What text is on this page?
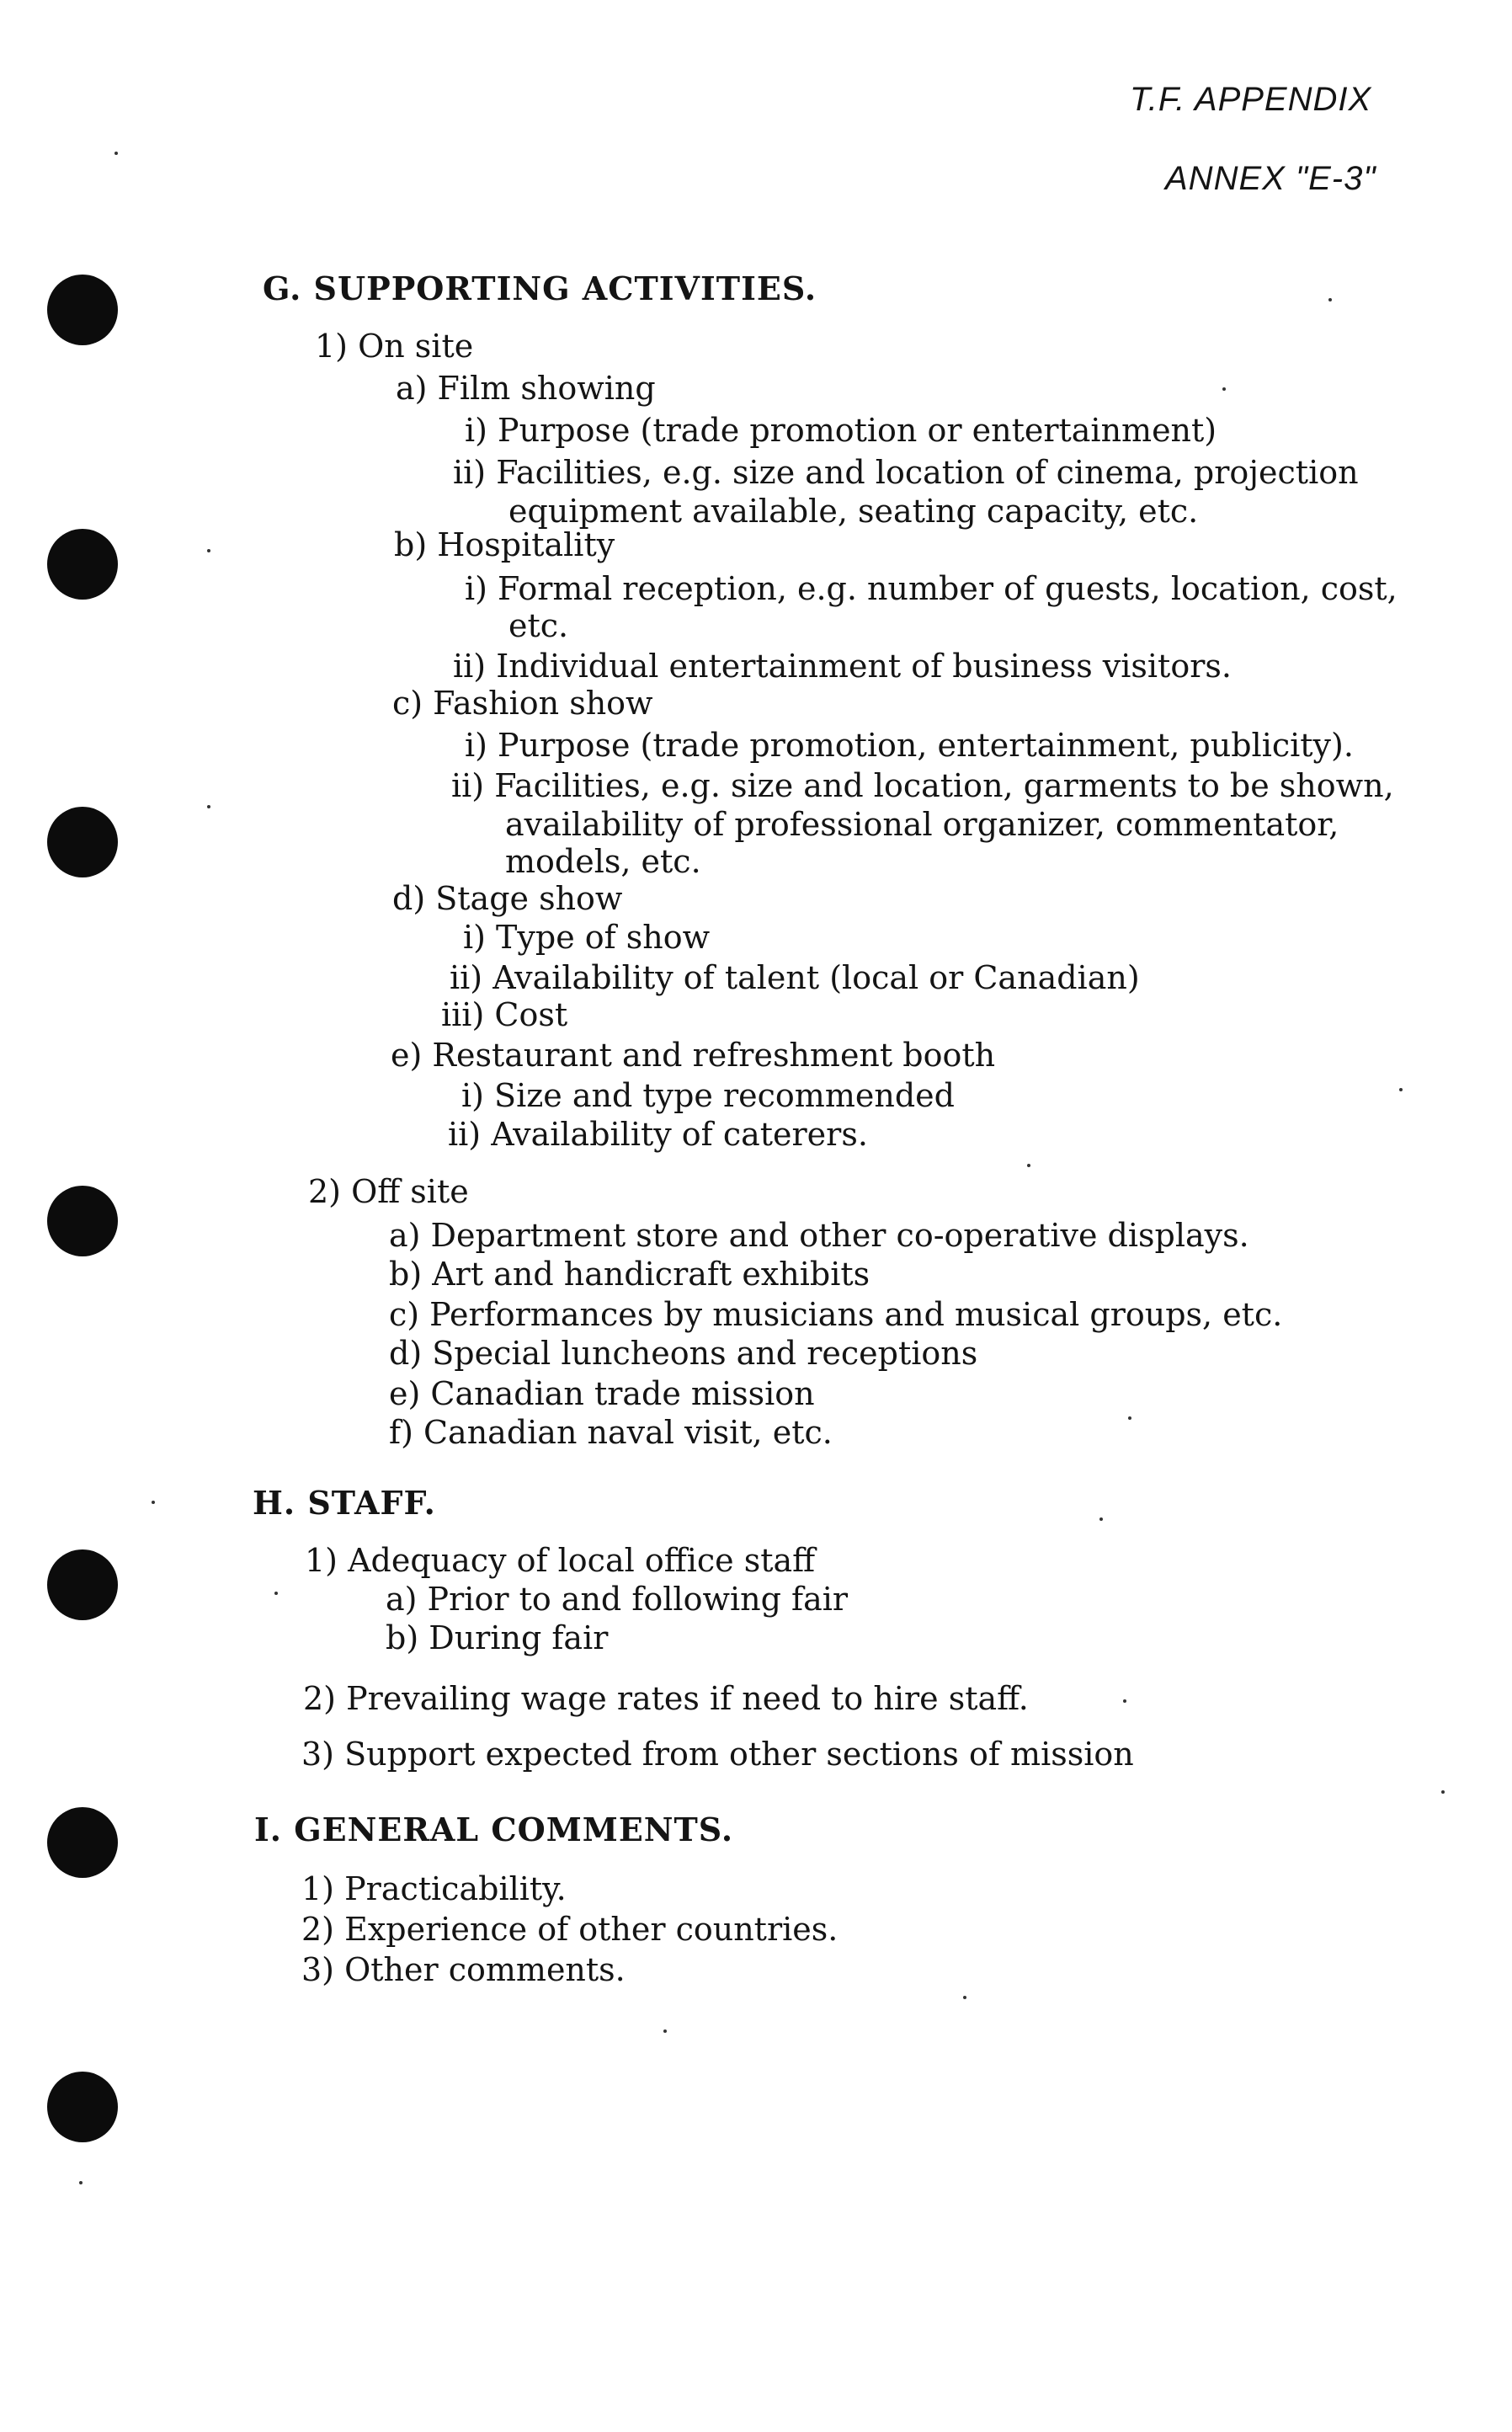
T.F. APPENDIX
ANNEX "E-3"
G. SUPPORTING ACTIVITIES.
1) On site
a) Film showing
i) Purpose (trade promotion or entertainment)
ii) Facilities, e.g. size and location of cinema, projection
equipment available, seating capacity, etc.
b) Hospitality
i) Formal reception, e.g. number of guests, location, cost,
etc.
ii) Individual entertainment of business visitors.
c) Fashion show
i) Purpose (trade promotion, entertainment, publicity).
ii) Facilities, e.g. size and location, garments to be shown,
availability of professional organizer, commentator,
models, etc.
d) Stage show
i) Type of show
ii) Availability of talent (local or Canadian)
iii) Cost
e) Restaurant and refreshment booth
i) Size and type recommended
ii) Availability of caterers.
2) Off site
a) Department store and other co-operative displays.
b) Art and handicraft exhibits
c) Performances by musicians and musical groups, etc.
d) Special luncheons and receptions
e) Canadian trade mission
f) Canadian naval visit, etc.
H. STAFF.
1) Adequacy of local office staff
a) Prior to and following fair
b) During fair
2) Prevailing wage rates if need to hire staff.
3) Support expected from other sections of mission
I. GENERAL COMMENTS.
1) Practicability.
2) Experience of other countries.
3) Other comments.
